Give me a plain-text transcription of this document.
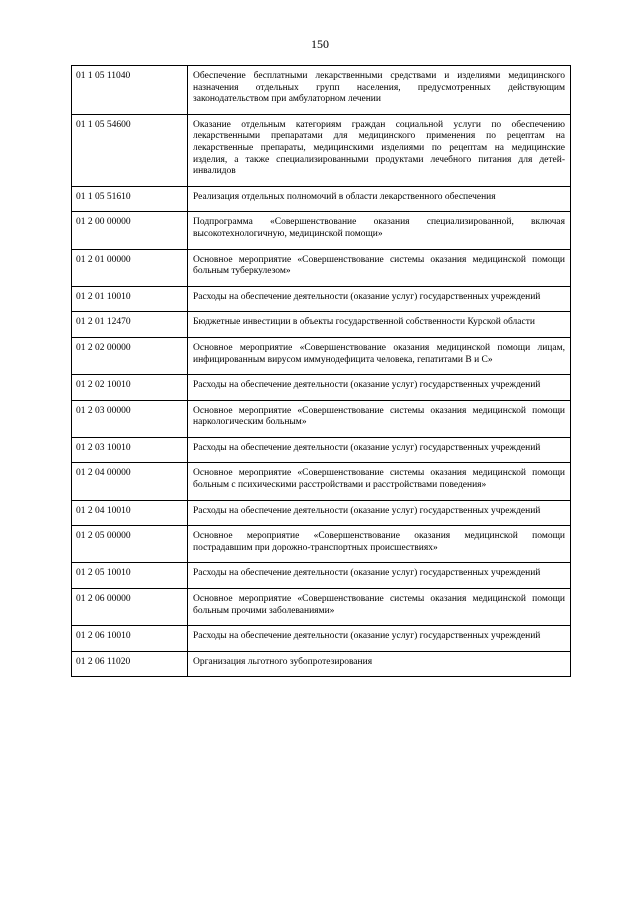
150
01 1 05 11040	Обеспечение бесплатными лекарственными средствами и изделиями медицинского назначения отдельных групп населения, предусмотренных действующим законодательством при амбулаторном лечении
01 1 05 54600	Оказание отдельным категориям граждан социальной услуги по обеспечению лекарственными препаратами для медицинского применения по рецептам на лекарственные препараты, медицинскими изделиями по рецептам на медицинские изделия, а также специализированными продуктами лечебного питания для детей-инвалидов
01 1 05 51610	Реализация отдельных полномочий в области лекарственного обеспечения
01 2 00 00000	Подпрограмма «Совершенствование оказания специализированной, включая высокотехнологичную, медицинской помощи»
01 2 01 00000	Основное мероприятие «Совершенствование системы оказания медицинской помощи больным туберкулезом»
01 2 01 10010	Расходы на обеспечение деятельности (оказание услуг) государственных учреждений
01 2 01 12470	Бюджетные инвестиции в объекты государственной собственности Курской области
01 2 02 00000	Основное мероприятие «Совершенствование оказания медицинской помощи лицам, инфицированным вирусом иммунодефицита человека, гепатитами В и С»
01 2 02 10010	Расходы на обеспечение деятельности (оказание услуг) государственных учреждений
01 2 03 00000	Основное мероприятие «Совершенствование системы оказания медицинской помощи наркологическим больным»
01 2 03 10010	Расходы на обеспечение деятельности (оказание услуг) государственных учреждений
01 2 04 00000	Основное мероприятие «Совершенствование системы оказания медицинской помощи больным с психическими расстройствами и расстройствами поведения»
01 2 04 10010	Расходы на обеспечение деятельности (оказание услуг) государственных учреждений
01 2 05 00000	Основное мероприятие «Совершенствование оказания медицинской помощи пострадавшим при дорожно-транспортных происшествиях»
01 2 05 10010	Расходы на обеспечение деятельности (оказание услуг) государственных учреждений
01 2 06 00000	Основное мероприятие «Совершенствование системы оказания медицинской помощи больным прочими заболеваниями»
01 2 06 10010	Расходы на обеспечение деятельности (оказание услуг) государственных учреждений
01 2 06 11020	Организация льготного зубопротезирования
